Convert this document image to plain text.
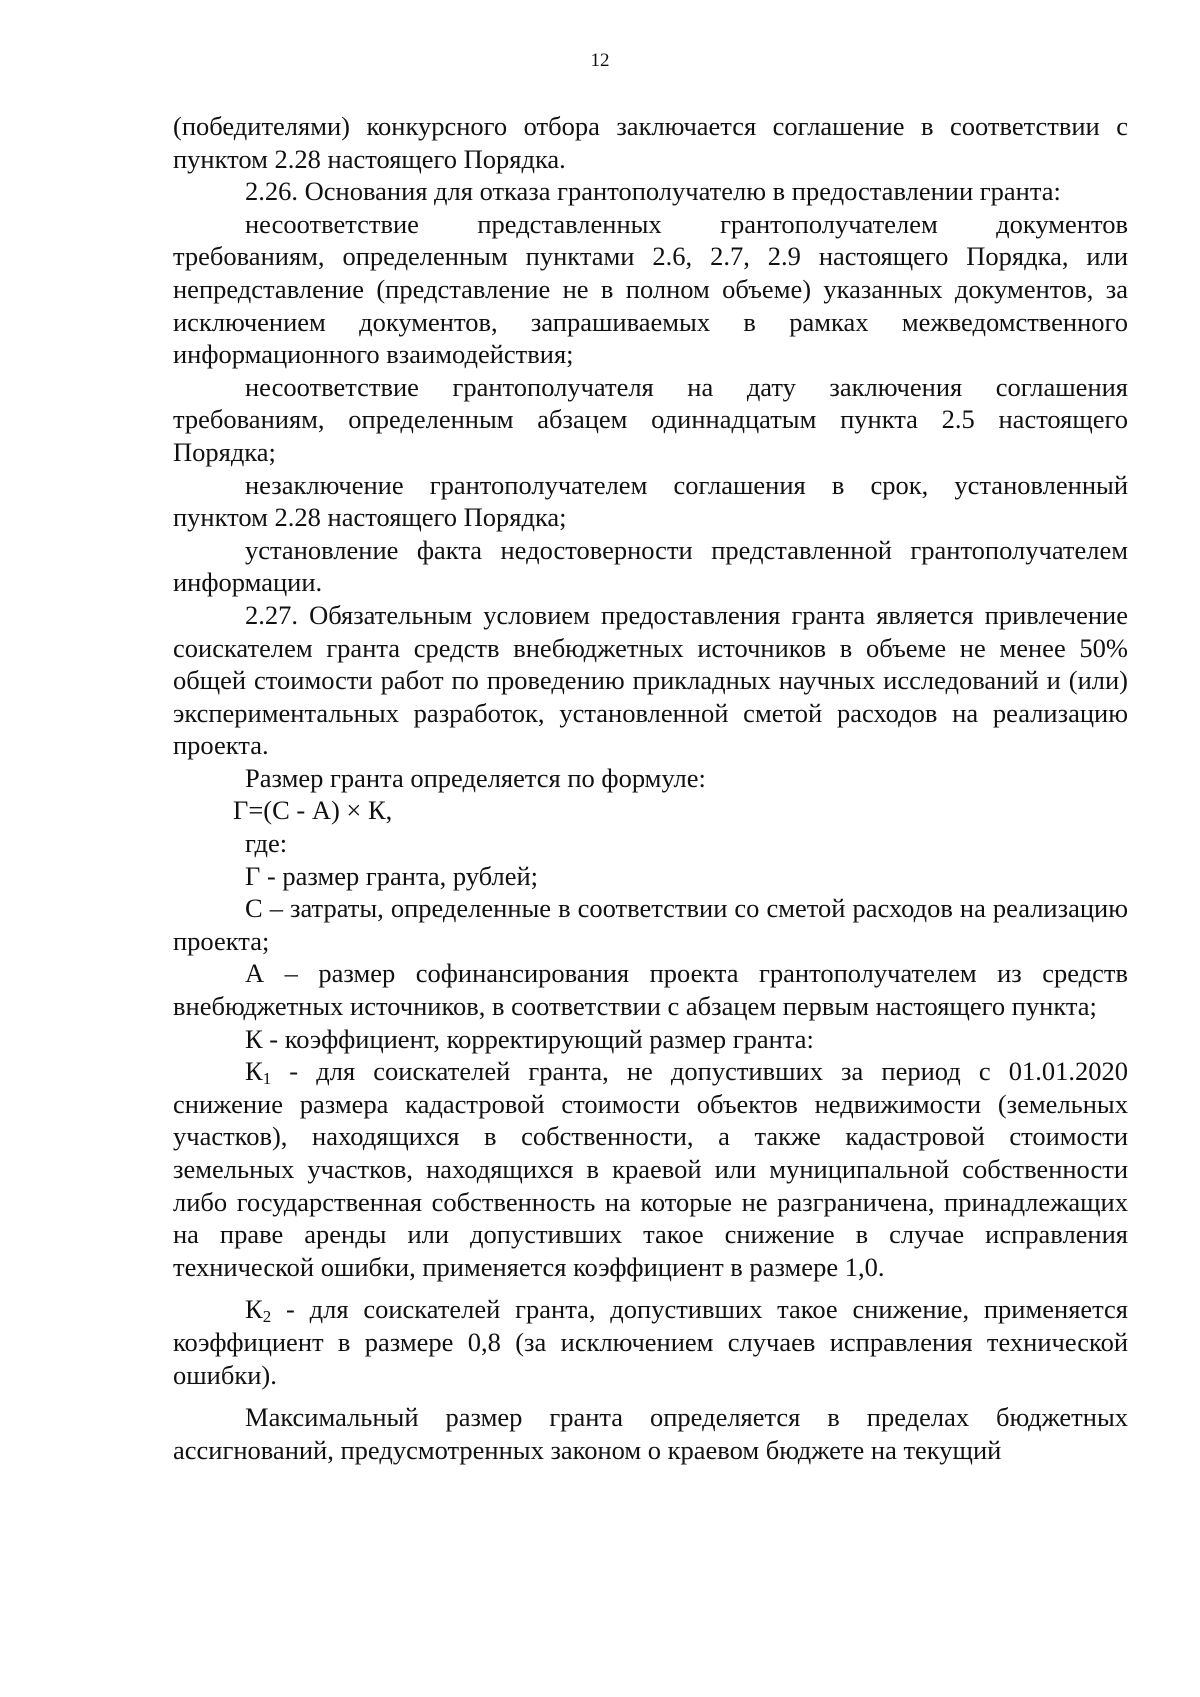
12

(победителями) конкурсного отбора заключается соглашение в соответствии с пунктом 2.28 настоящего Порядка.

2.26. Основания для отказа грантополучателю в предоставлении гранта:

несоответствие представленных грантополучателем документов требованиям, определенным пунктами 2.6, 2.7, 2.9 настоящего Порядка, или непредставление (представление не в полном объеме) указанных документов, за исключением документов, запрашиваемых в рамках межведомственного информационного взаимодействия;

несоответствие грантополучателя на дату заключения соглашения требованиям, определенным абзацем одиннадцатым пункта 2.5 настоящего Порядка;

незаключение грантополучателем соглашения в срок, установленный пунктом 2.28 настоящего Порядка;

установление факта недостоверности представленной грантополучателем информации.

2.27. Обязательным условием предоставления гранта является привлечение соискателем гранта средств внебюджетных источников в объеме не менее 50% общей стоимости работ по проведению прикладных научных исследований и (или) экспериментальных разработок, установленной сметой расходов на реализацию проекта.

Размер гранта определяется по формуле:

Г=(С - А) × К,

где:

Г - размер гранта, рублей;

С – затраты, определенные в соответствии со сметой расходов на реализацию проекта;

А – размер софинансирования проекта грантополучателем из средств внебюджетных источников, в соответствии с абзацем первым настоящего пункта;

К - коэффициент, корректирующий размер гранта:

$К_1$ - для соискателей гранта, не допустивших за период с 01.01.2020 снижение размера кадастровой стоимости объектов недвижимости (земельных участков), находящихся в собственности, а также кадастровой стоимости земельных участков, находящихся в краевой или муниципальной собственности либо государственная собственность на которые не разграничена, принадлежащих на праве аренды или допустивших такое снижение в случае исправления технической ошибки, применяется коэффициент в размере 1,0.

$К_2$ - для соискателей гранта, допустивших такое снижение, применяется коэффициент в размере 0,8 (за исключением случаев исправления технической ошибки).

Максимальный размер гранта определяется в пределах бюджетных ассигнований, предусмотренных законом о краевом бюджете на текущий
